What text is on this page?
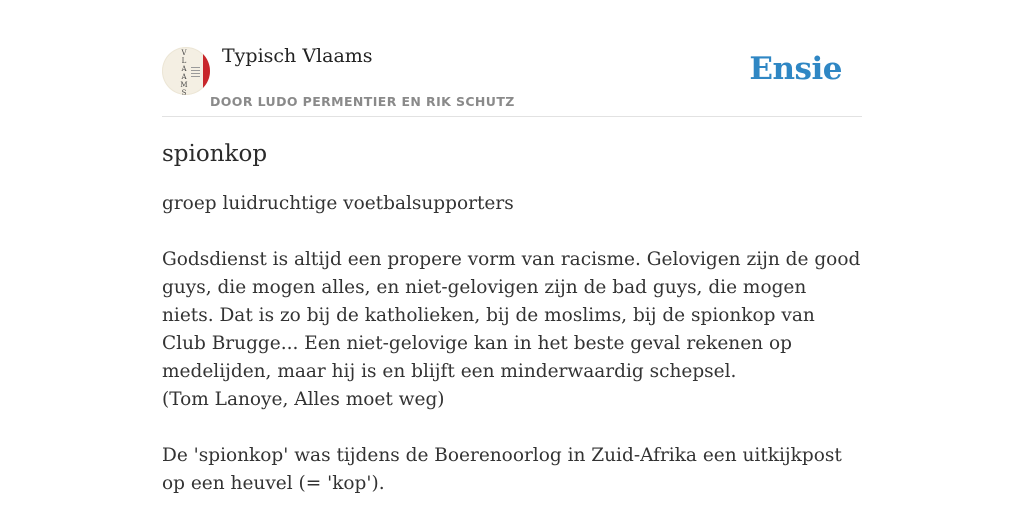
V
L
A
A
M
S
Typisch Vlaams
DOOR LUDO PERMENTIER EN RIK SCHUTZ
Ensie
spionkop

groep luidruchtige voetbalsupporters

Godsdienst is altijd een propere vorm van racisme. Gelovigen zijn de good guys, die mogen alles, en niet-gelovigen zijn de bad guys, die mogen niets. Dat is zo bij de katholieken, bij de moslims, bij de spionkop van Club Brugge... Een niet-gelovige kan in het beste geval rekenen op medelijden, maar hij is en blijft een minderwaardig schepsel.
(Tom Lanoye, Alles moet weg)

De 'spionkop' was tijdens de Boerenoorlog in Zuid-Afrika een uitkijkpost op een heuvel (= 'kop').
